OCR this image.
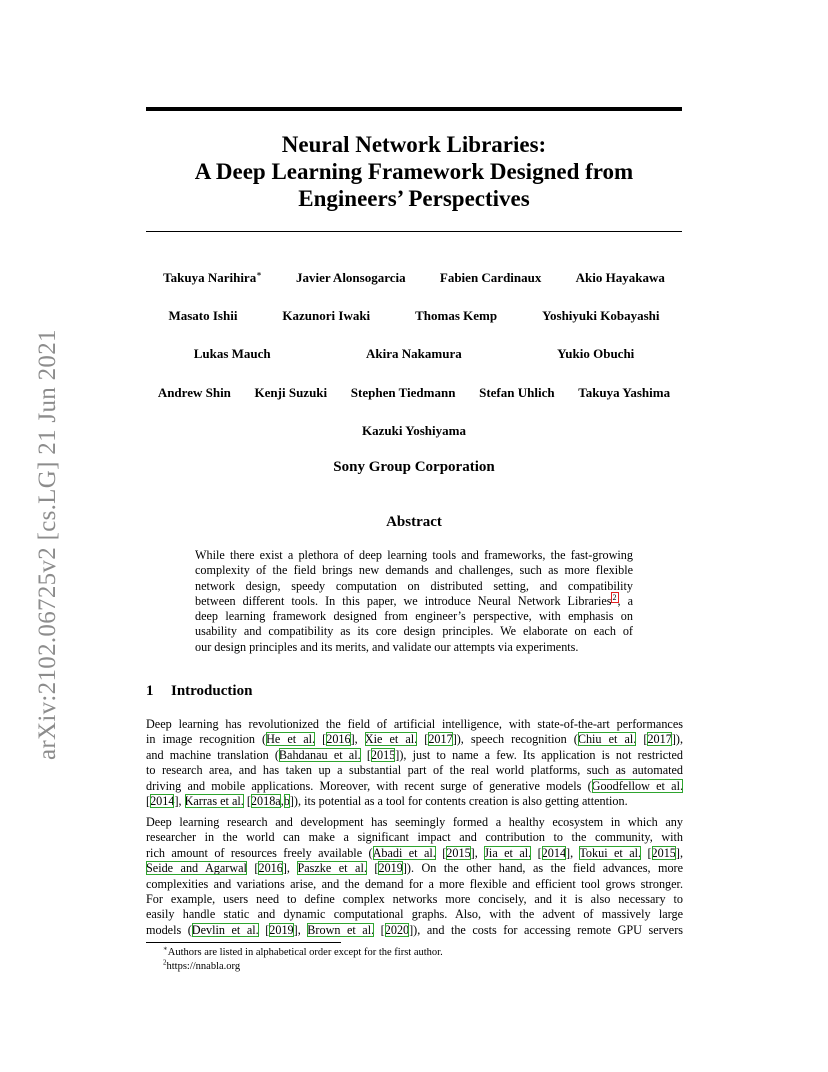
arXiv:2102.06725v2 [cs.LG] 21 Jun 2021
Neural Network Libraries:
A Deep Learning Framework Designed from
Engineers’ Perspectives
Takuya Narihira∗	Javier Alonsogarcia	Fabien Cardinaux	Akio Hayakawa
Masato Ishii	Kazunori Iwaki	Thomas Kemp	Yoshiyuki Kobayashi
Lukas Mauch	Akira Nakamura	Yukio Obuchi
Andrew Shin Kenji Suzuki Stephen Tiedmann Stefan Uhlich Takuya Yashima
Kazuki Yoshiyama
Sony Group Corporation
Abstract
While there exist a plethora of deep learning tools and frameworks, the fast-growing
complexity of the field brings new demands and challenges, such as more flexible
network design, speedy computation on distributed setting, and compatibility
between different tools. In this paper, we introduce Neural Network Libraries$^2$, a
deep learning framework designed from engineer’s perspective, with emphasis on
usability and compatibility as its core design principles. We elaborate on each of
our design principles and its merits, and validate our attempts via experiments.
1 Introduction
Deep learning has revolutionized the field of artificial intelligence, with state-of-the-art performances
in image recognition (He et al. [2016], Xie et al. [2017]), speech recognition (Chiu et al. [2017]),
and machine translation (Bahdanau et al. [2015]), just to name a few. Its application is not restricted
to research area, and has taken up a substantial part of the real world platforms, such as automated
driving and mobile applications. Moreover, with recent surge of generative models (Goodfellow et al.
[2014], Karras et al. [2018a,b]), its potential as a tool for contents creation is also getting attention.
Deep learning research and development has seemingly formed a healthy ecosystem in which any
researcher in the world can make a significant impact and contribution to the community, with
rich amount of resources freely available (Abadi et al. [2015], Jia et al. [2014], Tokui et al. [2015],
Seide and Agarwal [2016], Paszke et al. [2019]). On the other hand, as the field advances, more
complexities and variations arise, and the demand for a more flexible and efficient tool grows stronger.
For example, users need to define complex networks more concisely, and it is also necessary to
easily handle static and dynamic computational graphs. Also, with the advent of massively large
models (Devlin et al. [2019], Brown et al. [2020]), and the costs for accessing remote GPU servers
∗Authors are listed in alphabetical order except for the first author.
$^2$https://nnabla.org
